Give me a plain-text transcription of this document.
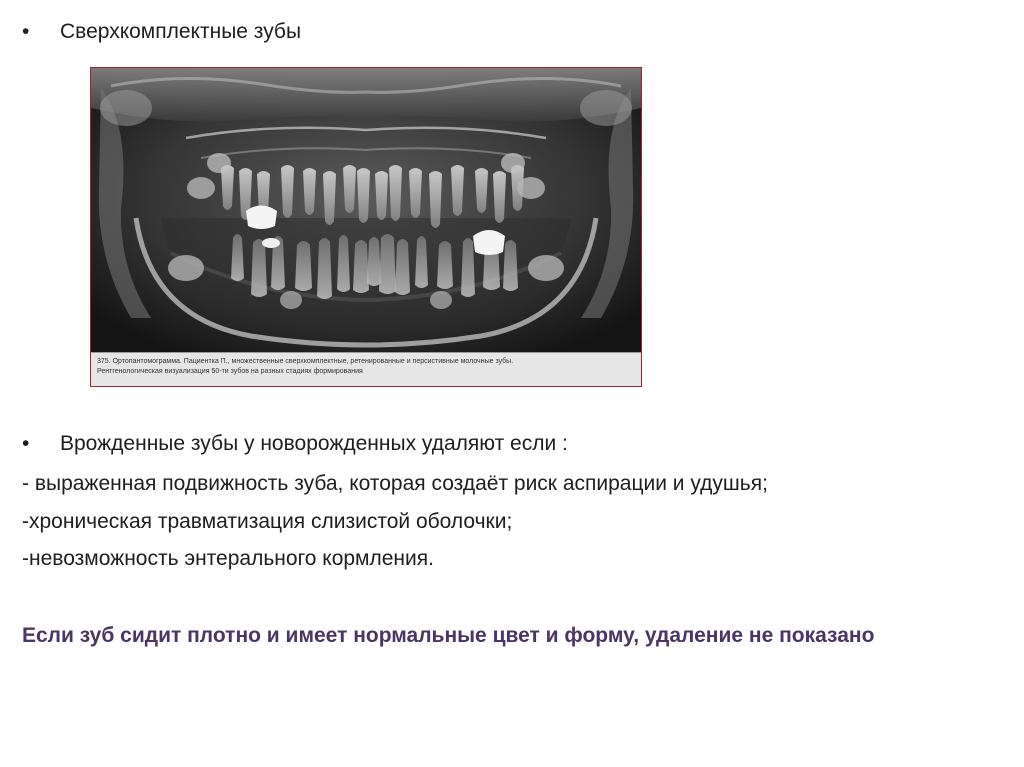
• Сверхкомплектные зубы
375. Ортопантомограмма. Пациентка П., множественные сверхкомплектные, ретенированные и персистивные молочные зубы.
Рентгенологическая визуализация 50-ти зубов на разных стадиях формирования
• Врожденные зубы у новорожденных удаляют если :
- выраженная подвижность зуба, которая создаёт риск аспирации и удушья;
-хроническая травматизация слизистой оболочки;
-невозможность энтерального кормления.
Если зуб сидит плотно и имеет нормальные цвет и форму, удаление не показано
